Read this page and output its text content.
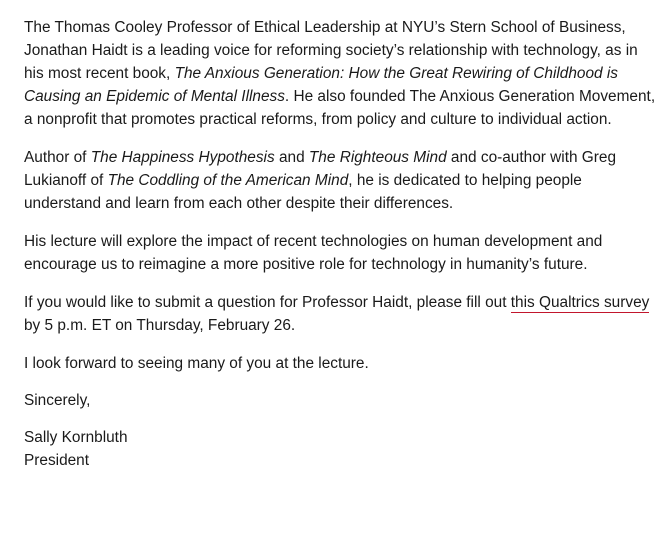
The Thomas Cooley Professor of Ethical Leadership at NYU’s Stern School of Business, Jonathan Haidt is a leading voice for reforming society’s relationship with technology, as in his most recent book, The Anxious Generation: How the Great Rewiring of Childhood is Causing an Epidemic of Mental Illness. He also founded The Anxious Generation Movement, a nonprofit that promotes practical reforms, from policy and culture to individual action.

Author of The Happiness Hypothesis and The Righteous Mind and co-author with Greg Lukianoff of The Coddling of the American Mind, he is dedicated to helping people understand and learn from each other despite their differences.

His lecture will explore the impact of recent technologies on human development and encourage us to reimagine a more positive role for technology in humanity’s future.

If you would like to submit a question for Professor Haidt, please fill out this Qualtrics survey by 5 p.m. ET on Thursday, February 26.

I look forward to seeing many of you at the lecture.

Sincerely,

Sally Kornbluth

President
